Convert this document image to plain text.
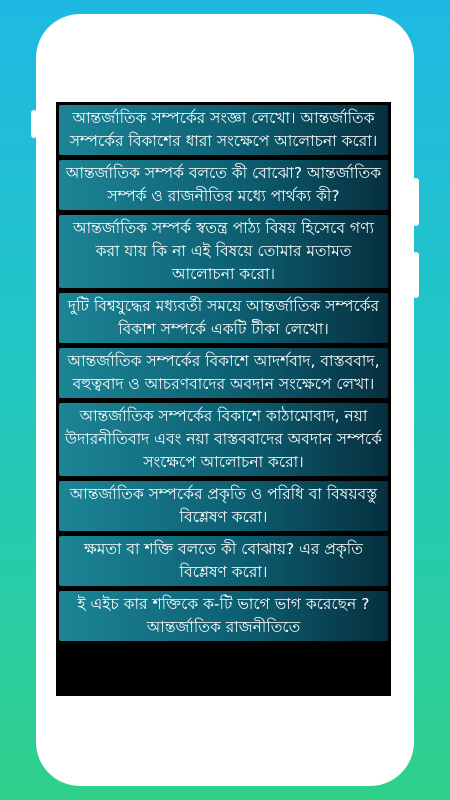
আন্তর্জাতিক সম্পর্কের সংজ্ঞা লেখো। আন্তর্জাতিক সম্পর্কের বিকাশের ধারা সংক্ষেপে আলোচনা করো।
আন্তর্জাতিক সম্পর্ক বলতে কী বোঝো? আন্তর্জাতিক সম্পর্ক ও রাজনীতির মধ্যে পার্থক্য কী?
আন্তর্জাতিক সম্পর্ক স্বতন্ত্র পাঠ্য বিষয় হিসেবে গণ্য করা যায় কি না এই বিষয়ে তোমার মতামত আলোচনা করো।
দুটি বিশ্বযুদ্ধের মধ্যবর্তী সময়ে আন্তর্জাতিক সম্পর্কের বিকাশ সম্পর্কে একটি টীকা লেখো।
আন্তর্জাতিক সম্পর্কের বিকাশে আদর্শবাদ, বাস্তববাদ, বহুত্ববাদ ও আচরণবাদের অবদান সংক্ষেপে লেখা।
আন্তর্জাতিক সম্পর্কের বিকাশে কাঠামোবাদ, নয়া উদারনীতিবাদ এবং নয়া বাস্তববাদের অবদান সম্পর্কে সংক্ষেপে আলোচনা করো।
আন্তর্জাতিক সম্পর্কের প্রকৃতি ও পরিধি বা বিষয়বস্তু বিশ্লেষণ করো।
ক্ষমতা বা শক্তি বলতে কী বোঝায়? এর প্রকৃতি বিশ্লেষণ করো।
ই এইচ কার শক্তিকে ক-টি ভাগে ভাগ করেছেন ? আন্তর্জাতিক রাজনীতিতে
